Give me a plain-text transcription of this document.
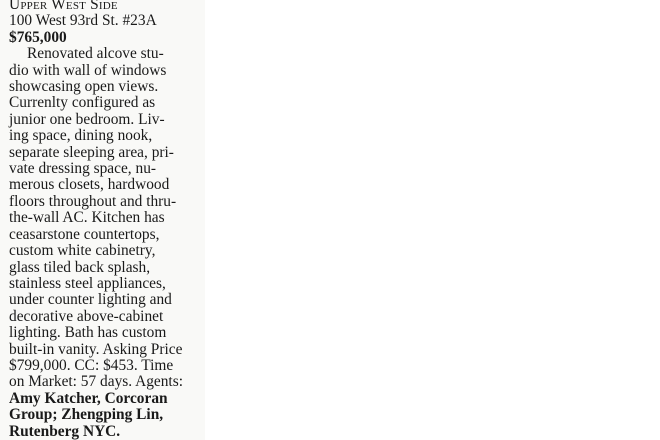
Upper West Side
100 West 93rd St. #23A
$765,000
Renovated alcove stu-
dio with wall of windows
showcasing open views.
Currenlty configured as
junior one bedroom. Liv-
ing space, dining nook,
separate sleeping area, pri-
vate dressing space, nu-
merous closets, hardwood
floors throughout and thru-
the-wall AC. Kitchen has
ceasarstone countertops,
custom white cabinetry,
glass tiled back splash,
stainless steel appliances,
under counter lighting and
decorative above-cabinet
lighting. Bath has custom
built-in vanity. Asking Price
$799,000. CC: $453. Time
on Market: 57 days. Agents:
Amy Katcher, Corcoran
Group; Zhengping Lin,
Rutenberg NYC.
